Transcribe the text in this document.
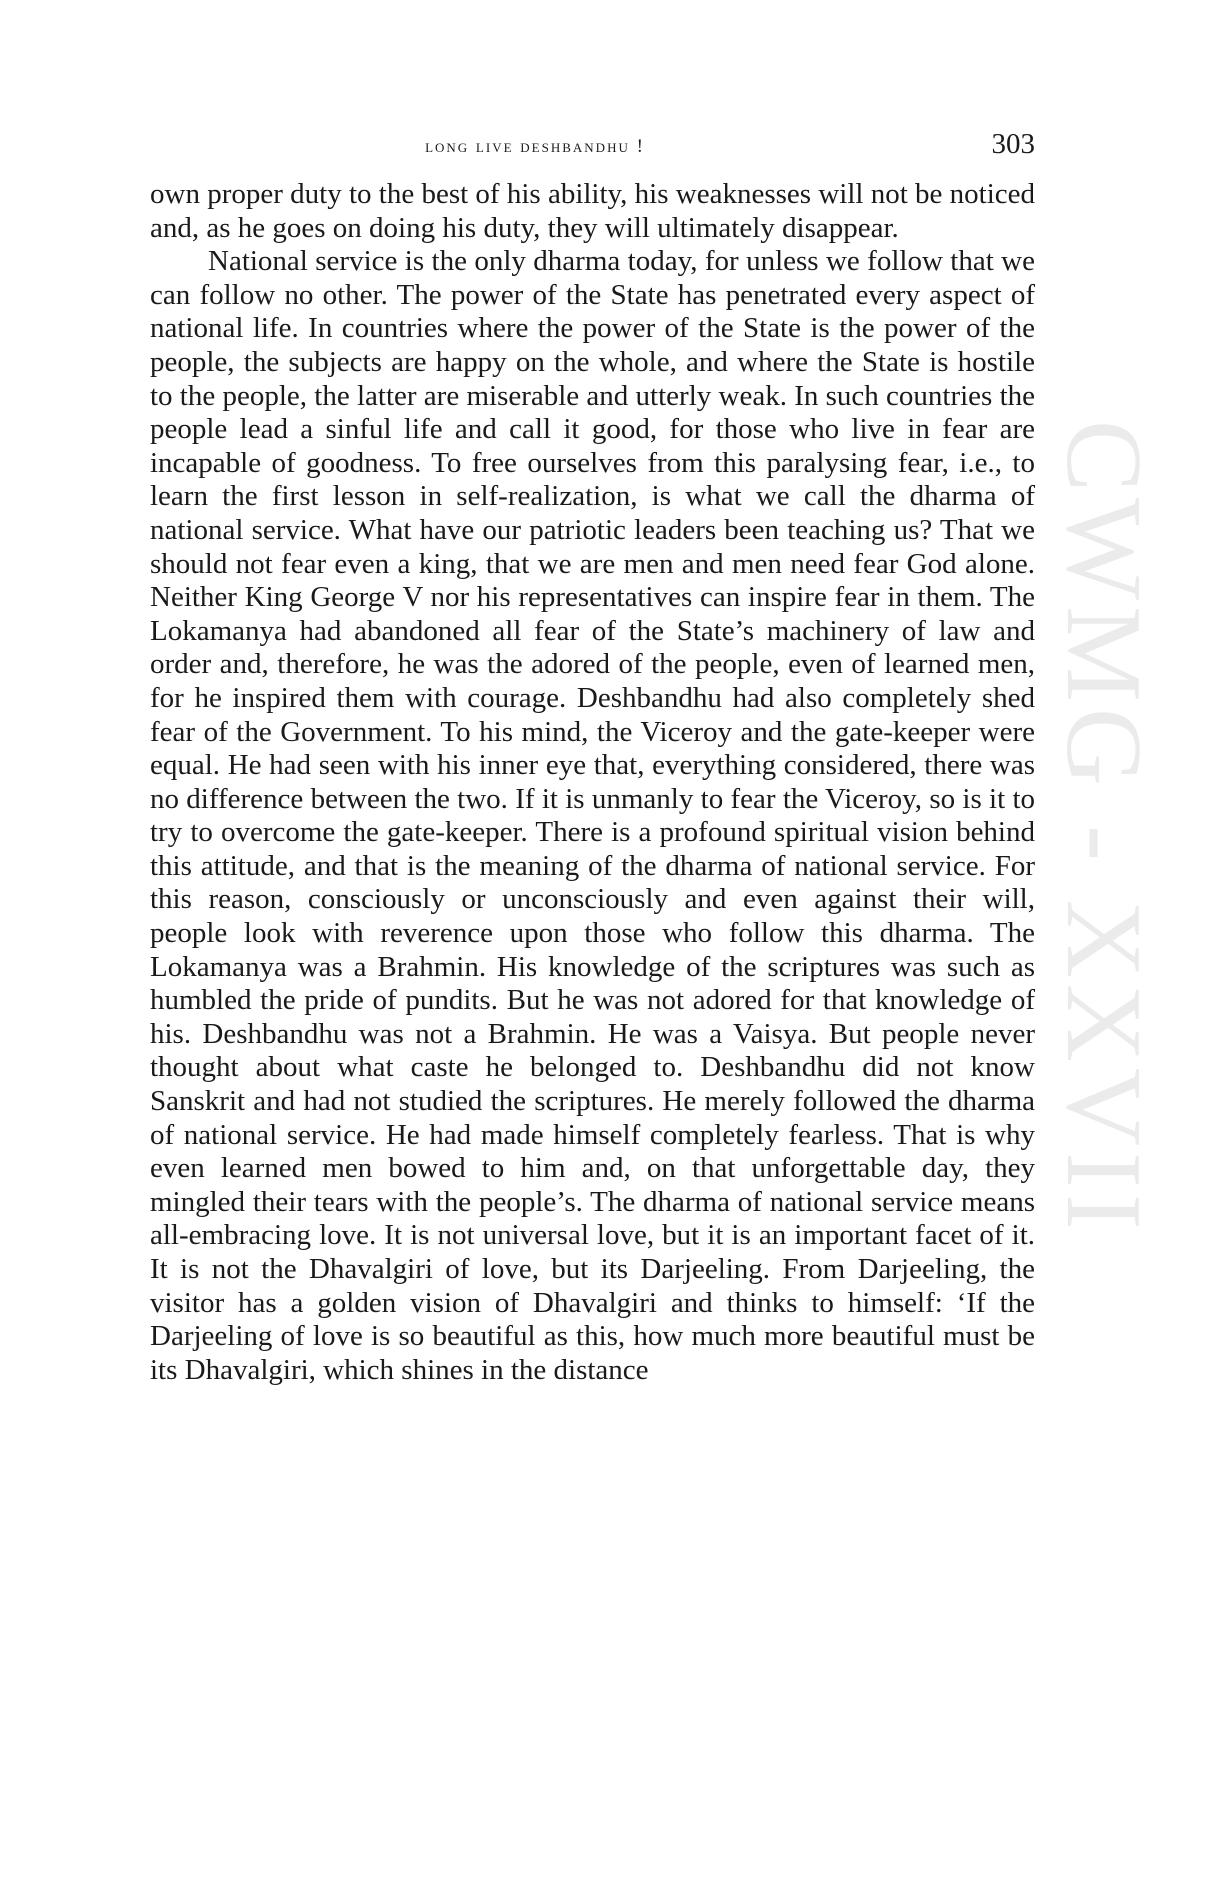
CWMG - XXVII
long live deshbandhu !	303

own proper duty to the best of his ability, his weaknesses will not be noticed and, as he goes on doing his duty, they will ultimately disappear.

National service is the only dharma today, for unless we follow that we can follow no other. The power of the State has penetrated every aspect of national life. In countries where the power of the State is the power of the people, the subjects are happy on the whole, and where the State is hostile to the people, the latter are miserable and utterly weak. In such countries the people lead a sinful life and call it good, for those who live in fear are incapable of goodness. To free ourselves from this paralysing fear, i.e., to learn the first lesson in self-realization, is what we call the dharma of national service. What have our patriotic leaders been teaching us? That we should not fear even a king, that we are men and men need fear God alone. Neither King George V nor his representatives can inspire fear in them. The Lokamanya had abandoned all fear of the State’s machinery of law and order and, therefore, he was the adored of the people, even of learned men, for he inspired them with courage. Deshbandhu had also completely shed fear of the Government. To his mind, the Viceroy and the gate-keeper were equal. He had seen with his inner eye that, everything considered, there was no difference between the two. If it is unmanly to fear the Viceroy, so is it to try to overcome the gate-keeper. There is a profound spiritual vision behind this attitude, and that is the meaning of the dharma of national service. For this reason, consciously or unconsciously and even against their will, people look with reverence upon those who follow this dharma. The Lokamanya was a Brahmin. His knowledge of the scriptures was such as humbled the pride of pundits. But he was not adored for that knowledge of his. Deshbandhu was not a Brahmin. He was a Vaisya. But people never thought about what caste he belonged to. Deshbandhu did not know Sanskrit and had not studied the scriptures. He merely followed the dharma of national service. He had made himself completely fearless. That is why even learned men bowed to him and, on that unforgettable day, they mingled their tears with the people’s. The dharma of national service means all-embracing love. It is not universal love, but it is an important facet of it. It is not the Dhavalgiri of love, but its Darjeeling. From Darjeeling, the visitor has a golden vision of Dhavalgiri and thinks to himself: ‘If the Darjeeling of love is so beautiful as this, how much more beautiful must be its Dhavalgiri, which shines in the distance
